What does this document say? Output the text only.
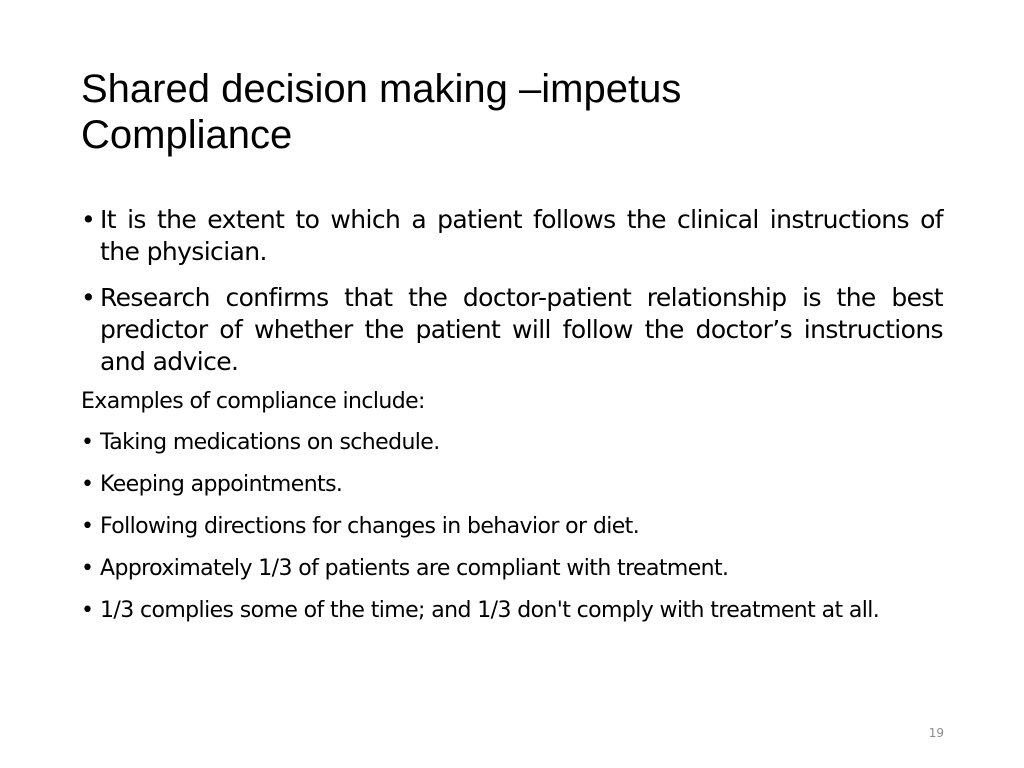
Shared decision making –impetus
Compliance
• It is the extent to which a patient follows the clinical instructions of the physician.
• Research confirms that the doctor-patient relationship is the best predictor of whether the patient will follow the doctor’s instructions and advice.
Examples of compliance include:
• Taking medications on schedule.
• Keeping appointments.
• Following directions for changes in behavior or diet.
• Approximately 1/3 of patients are compliant with treatment.
• 1/3 complies some of the time; and 1/3 don't comply with treatment at all.
19
